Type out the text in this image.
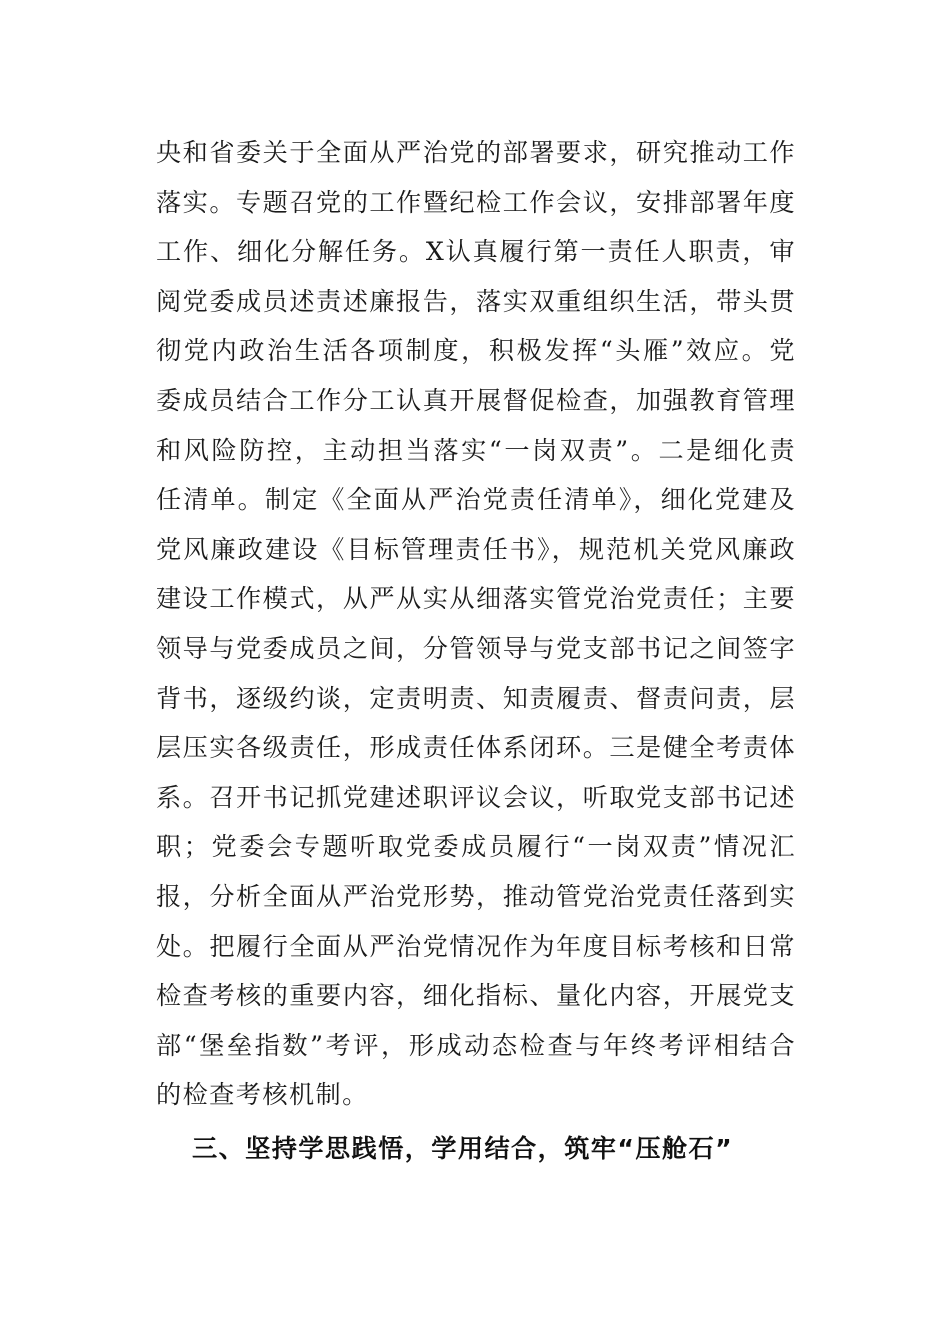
央和省委关于全面从严治党的部署要求，研究推动工作
落实。专题召党的工作暨纪检工作会议，安排部署年度
工作、细化分解任务。X认真履行第一责任人职责，审
阅党委成员述责述廉报告，落实双重组织生活，带头贯
彻党内政治生活各项制度，积极发挥“头雁”效应。党
委成员结合工作分工认真开展督促检查，加强教育管理
和风险防控，主动担当落实“一岗双责”。二是细化责
任清单。制定《全面从严治党责任清单》，细化党建及
党风廉政建设《目标管理责任书》，规范机关党风廉政
建设工作模式，从严从实从细落实管党治党责任；主要
领导与党委成员之间，分管领导与党支部书记之间签字
背书，逐级约谈，定责明责、知责履责、督责问责，层
层压实各级责任，形成责任体系闭环。三是健全考责体
系。召开书记抓党建述职评议会议，听取党支部书记述
职；党委会专题听取党委成员履行“一岗双责”情况汇
报，分析全面从严治党形势，推动管党治党责任落到实
处。把履行全面从严治党情况作为年度目标考核和日常
检查考核的重要内容，细化指标、量化内容，开展党支
部“堡垒指数”考评，形成动态检查与年终考评相结合
的检查考核机制。
三、坚持学思践悟，学用结合，筑牢“压舱石”
